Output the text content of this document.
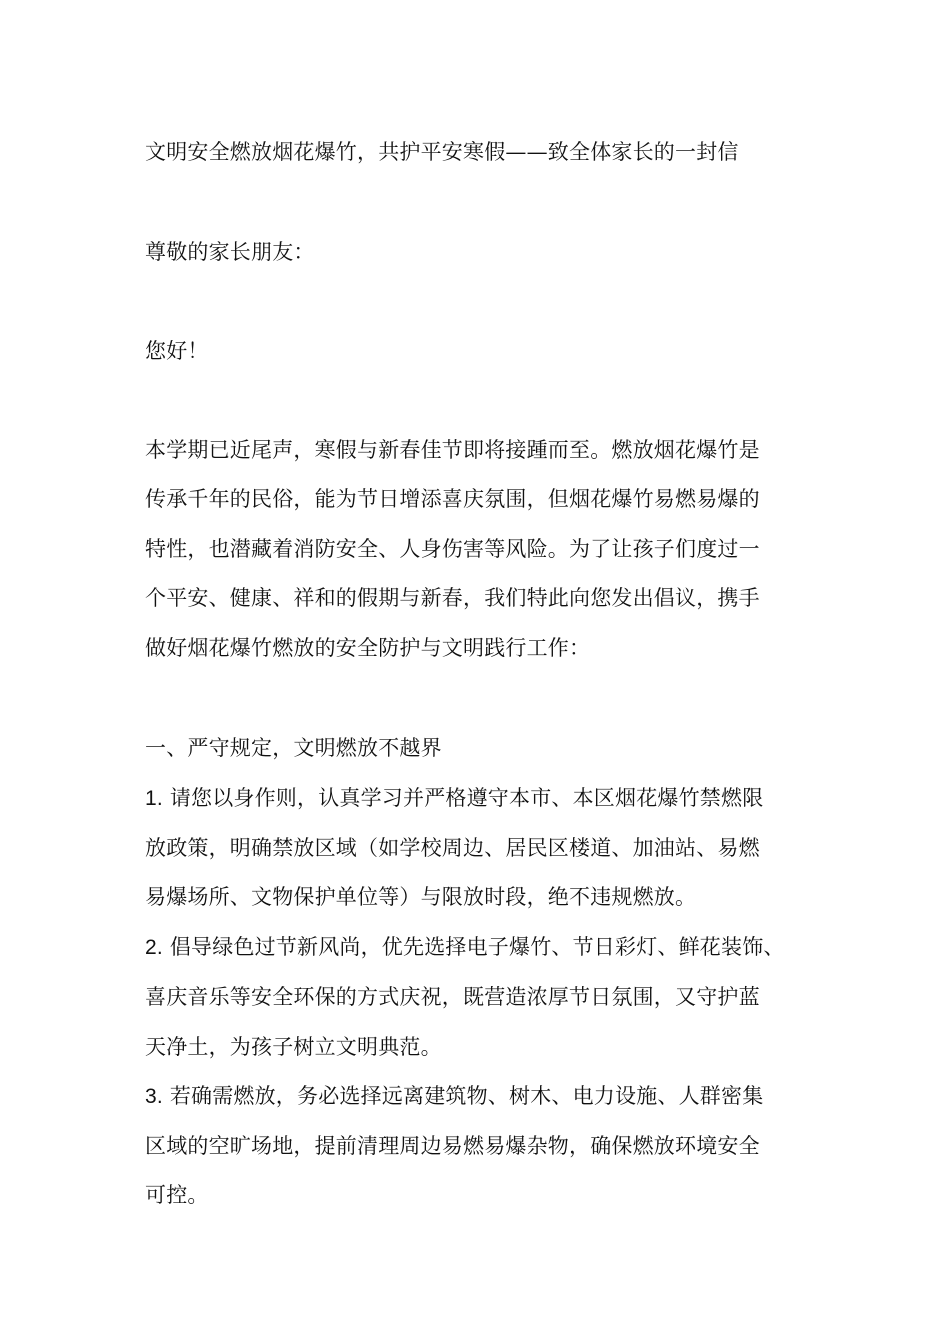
文明安全燃放烟花爆竹，共护平安寒假——致全体家长的一封信
尊敬的家长朋友：
您好！
本学期已近尾声，寒假与新春佳节即将接踵而至。燃放烟花爆竹是
传承千年的民俗，能为节日增添喜庆氛围，但烟花爆竹易燃易爆的
特性，也潜藏着消防安全、人身伤害等风险。为了让孩子们度过一
个平安、健康、祥和的假期与新春，我们特此向您发出倡议，携手
做好烟花爆竹燃放的安全防护与文明践行工作：
一、严守规定，文明燃放不越界
1. 请您以身作则，认真学习并严格遵守本市、本区烟花爆竹禁燃限
放政策，明确禁放区域（如学校周边、居民区楼道、加油站、易燃
易爆场所、文物保护单位等）与限放时段，绝不违规燃放。
2. 倡导绿色过节新风尚，优先选择电子爆竹、节日彩灯、鲜花装饰、
喜庆音乐等安全环保的方式庆祝，既营造浓厚节日氛围，又守护蓝
天净土，为孩子树立文明典范。
3. 若确需燃放，务必选择远离建筑物、树木、电力设施、人群密集
区域的空旷场地，提前清理周边易燃易爆杂物，确保燃放环境安全
可控。
